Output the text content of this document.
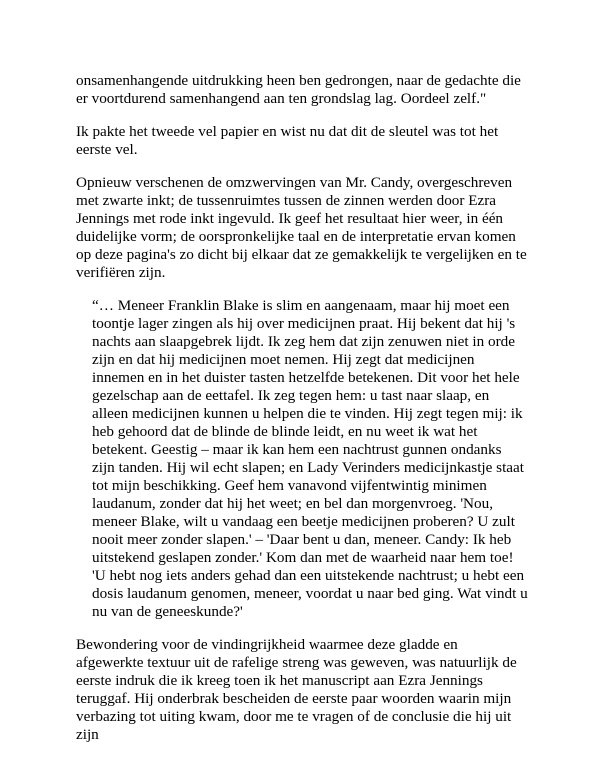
onsamenhangende uitdrukking heen ben gedrongen, naar de gedachte die er voortdurend samenhangend aan ten grondslag lag. Oordeel zelf."

Ik pakte het tweede vel papier en wist nu dat dit de sleutel was tot het eerste vel.

Opnieuw verschenen de omzwervingen van Mr. Candy, overgeschreven met zwarte inkt; de tussenruimtes tussen de zinnen werden door Ezra Jennings met rode inkt ingevuld. Ik geef het resultaat hier weer, in één duidelijke vorm; de oorspronkelijke taal en de interpretatie ervan komen op deze pagina's zo dicht bij elkaar dat ze gemakkelijk te vergelijken en te verifiëren zijn.

“… Meneer Franklin Blake is slim en aangenaam, maar hij moet een toontje lager zingen als hij over medicijnen praat. Hij bekent dat hij 's nachts aan slaapgebrek lijdt. Ik zeg hem dat zijn zenuwen niet in orde zijn en dat hij medicijnen moet nemen. Hij zegt dat medicijnen innemen en in het duister tasten hetzelfde betekenen. Dit voor het hele gezelschap aan de eettafel. Ik zeg tegen hem: u tast naar slaap, en alleen medicijnen kunnen u helpen die te vinden. Hij zegt tegen mij: ik heb gehoord dat de blinde de blinde leidt, en nu weet ik wat het betekent. Geestig – maar ik kan hem een nachtrust gunnen ondanks zijn tanden. Hij wil echt slapen; en Lady Verinders medicijnkastje staat tot mijn beschikking. Geef hem vanavond vijfentwintig minimen laudanum, zonder dat hij het weet; en bel dan morgenvroeg. 'Nou, meneer Blake, wilt u vandaag een beetje medicijnen proberen? U zult nooit meer zonder slapen.' – 'Daar bent u dan, meneer. Candy: Ik heb uitstekend geslapen zonder.' Kom dan met de waarheid naar hem toe! 'U hebt nog iets anders gehad dan een uitstekende nachtrust; u hebt een dosis laudanum genomen, meneer, voordat u naar bed ging. Wat vindt u nu van de geneeskunde?'

Bewondering voor de vindingrijkheid waarmee deze gladde en afgewerkte textuur uit de rafelige streng was geweven, was natuurlijk de eerste indruk die ik kreeg toen ik het manuscript aan Ezra Jennings teruggaf. Hij onderbrak bescheiden de eerste paar woorden waarin mijn verbazing tot uiting kwam, door me te vragen of de conclusie die hij uit zijn
